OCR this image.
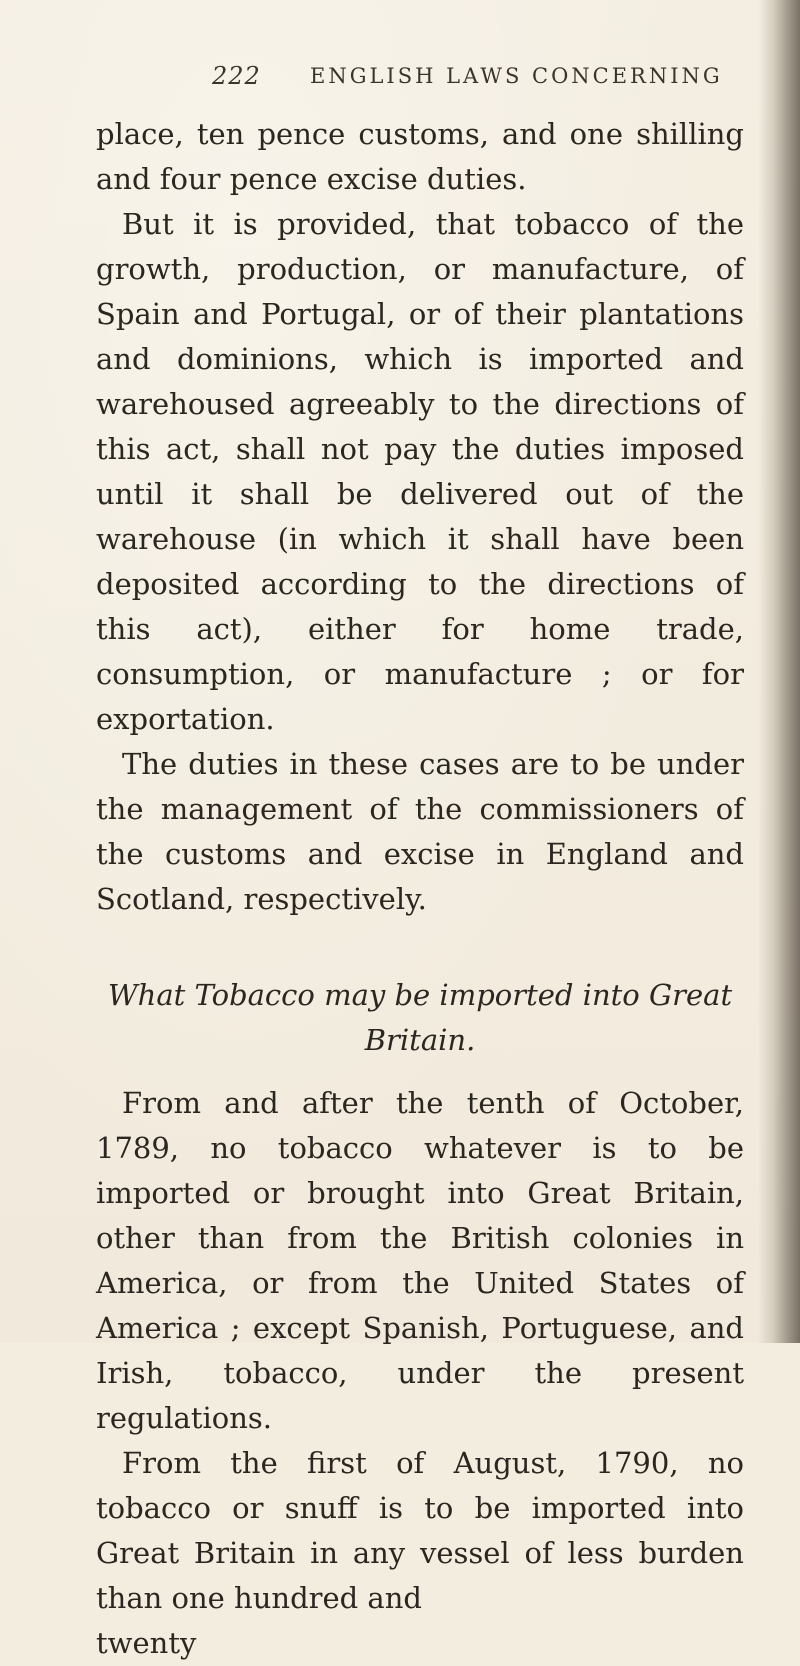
222 ENGLISH LAWS CONCERNING

place, ten pence customs, and one shilling and four pence excise duties.

But it is provided, that tobacco of the growth, production, or manufacture, of Spain and Portugal, or of their plantations and dominions, which is imported and warehoused agreeably to the directions of this act, shall not pay the duties imposed until it shall be delivered out of the warehouse (in which it shall have been deposited according to the directions of this act), either for home trade, consumption, or manufacture ; or for exportation.

The duties in these cases are to be under the management of the commissioners of the customs and excise in England and Scotland, respectively.

What Tobacco may be imported into Great Britain.

From and after the tenth of October, 1789, no tobacco whatever is to be imported or brought into Great Britain, other than from the British colonies in America, or from the United States of America ; except Spanish, Portuguese, and Irish, tobacco, under the present regulations.

From the first of August, 1790, no tobacco or snuff is to be imported into Great Britain in any vessel of less burden than one hundred and

twenty
